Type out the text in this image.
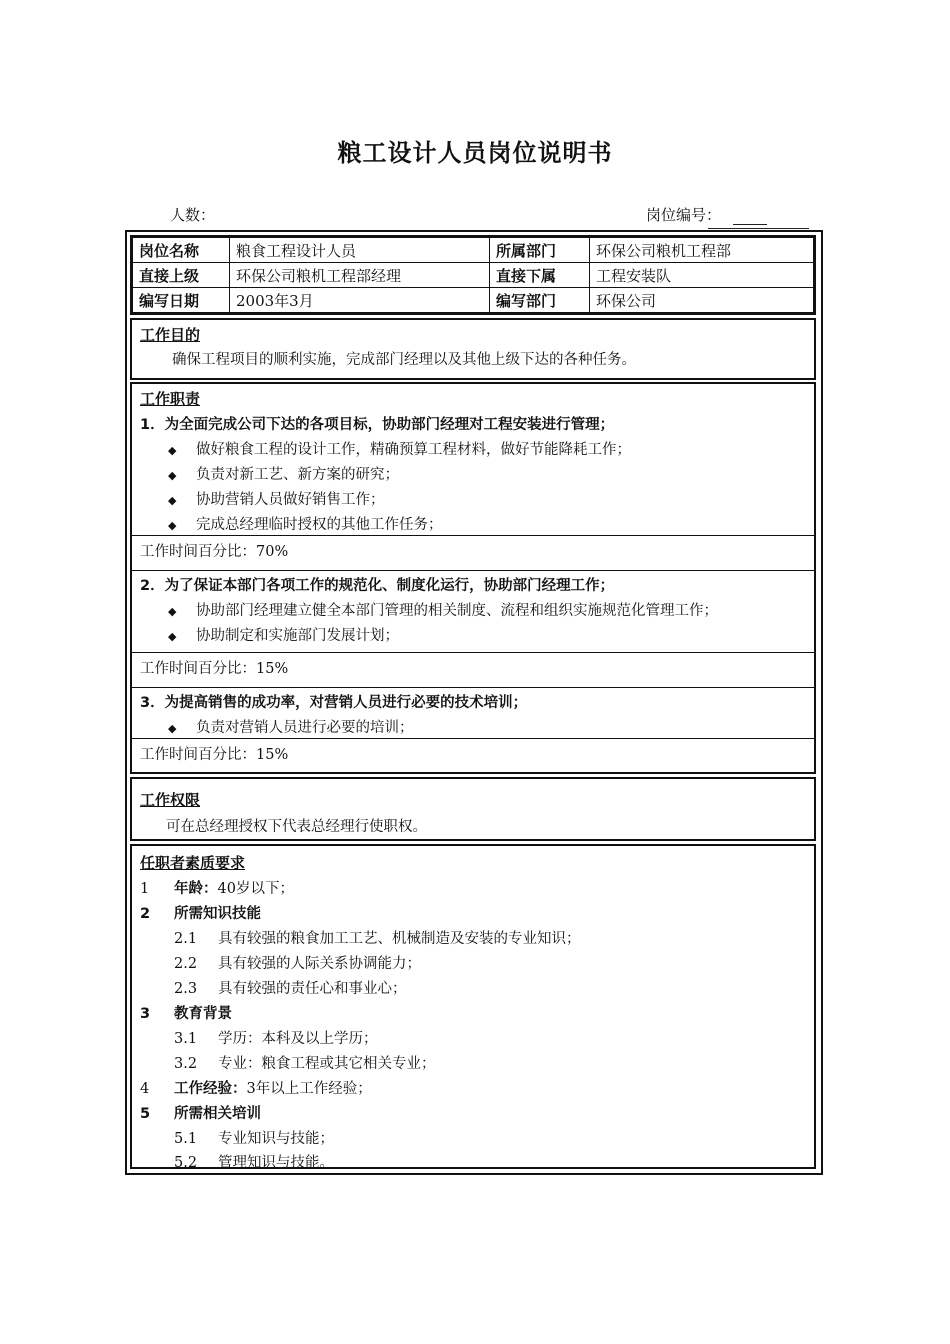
粮工设计人员岗位说明书
人数：	岗位编号：
岗位名称	粮食工程设计人员	所属部门	环保公司粮机工程部
直接上级	环保公司粮机工程部经理	直接下属	工程安装队
编写日期	2003年3月	编写部门	环保公司
工作目的
确保工程项目的顺利实施，完成部门经理以及其他上级下达的各种任务。
工作职责
1．为全面完成公司下达的各项目标，协助部门经理对工程安装进行管理；
◆ 做好粮食工程的设计工作，精确预算工程材料，做好节能降耗工作；
◆ 负责对新工艺、新方案的研究；
◆ 协助营销人员做好销售工作；
◆ 完成总经理临时授权的其他工作任务；
工作时间百分比：70%
2．为了保证本部门各项工作的规范化、制度化运行，协助部门经理工作；
◆ 协助部门经理建立健全本部门管理的相关制度、流程和组织实施规范化管理工作；
◆ 协助制定和实施部门发展计划；
工作时间百分比：15%
3．为提高销售的成功率，对营销人员进行必要的技术培训；
◆ 负责对营销人员进行必要的培训；
工作时间百分比：15%
工作权限
可在总经理授权下代表总经理行使职权。
任职者素质要求
1 年龄：40岁以下；
2 所需知识技能
2.1 具有较强的粮食加工工艺、机械制造及安装的专业知识；
2.2 具有较强的人际关系协调能力；
2.3 具有较强的责任心和事业心；
3 教育背景
3.1 学历：本科及以上学历；
3.2 专业：粮食工程或其它相关专业；
4 工作经验：3年以上工作经验；
5 所需相关培训
5.1 专业知识与技能；
5.2 管理知识与技能。
